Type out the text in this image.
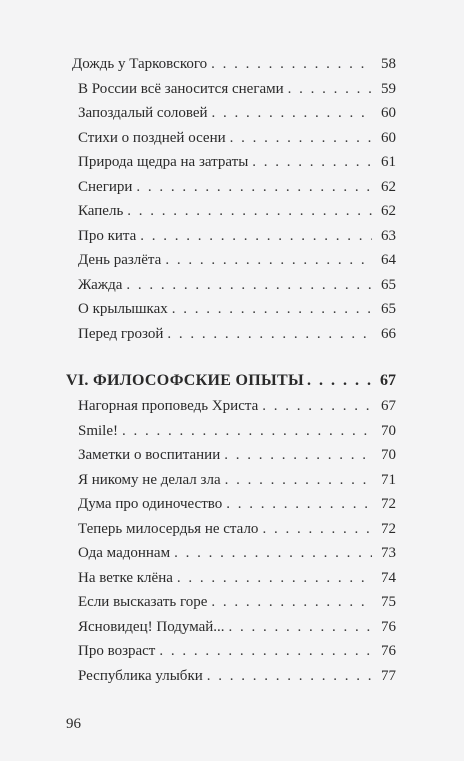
Дождь у Тарковского . . .	58
В России всё заносится снегами . . .	59
Запоздалый соловей . . .	60
Стихи о поздней осени . . .	60
Природа щедра на затраты . . .	61
Снегири . . .	62
Капель . . .	62
Про кита . . .	63
День разлёта . . .	64
Жажда . . .	65
О крылышках . . .	65
Перед грозой . . .	66
VI. ФИЛОСОФСКИЕ ОПЫТЫ . . .	67
Нагорная проповедь Христа . . .	67
Smile! . . .	70
Заметки о воспитании . . .	70
Я никому не делал зла . . .	71
Дума про одиночество . . .	72
Теперь милосердья не стало . . .	72
Ода мадоннам . . .	73
На ветке клёна . . .	74
Если высказать горе . . .	75
Ясновидец! Подумай... . . .	76
Про возраст . . .	76
Республика улыбки . . .	77
96
